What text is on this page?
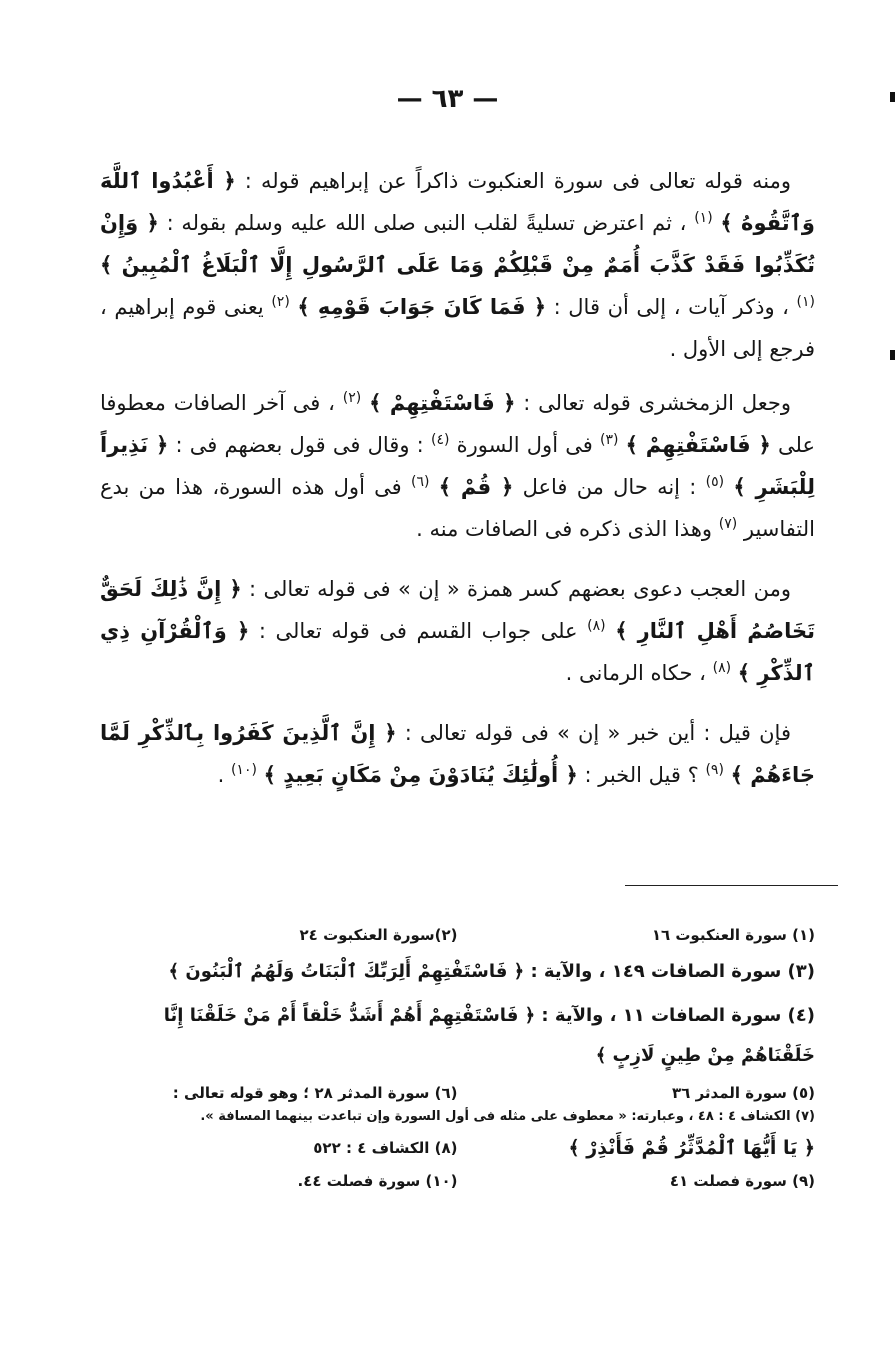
— ٦٣ —

ومنه قوله تعالى فى سورة العنكبوت ذاكراً عن إبراهيم قوله : ﴿ أَعْبُدُوا ٱللَّهَ وَٱتَّقُوهُ ﴾ $^{(١)}$ ، ثم اعترض تسليةً لقلب النبى صلى الله عليه وسلم بقوله : ﴿ وَإِنْ تُكَذِّبُوا فَقَدْ كَذَّبَ أُمَمٌ مِنْ قَبْلِكُمْ وَمَا عَلَى ٱلرَّسُولِ إِلَّا ٱلْبَلَاغُ ٱلْمُبِينُ ﴾ $^{(١)}$ ، وذكر آيات ، إلى أن قال : ﴿ فَمَا كَانَ جَوَابَ قَوْمِهِ ﴾ $^{(٢)}$ يعنى قوم إبراهيم ، فرجع إلى الأول .

وجعل الزمخشرى قوله تعالى : ﴿ فَاسْتَفْتِهِمْ ﴾ $^{(٢)}$ ، فى آخر الصافات معطوفا على ﴿ فَاسْتَفْتِهِمْ ﴾ $^{(٣)}$ فى أول السورة $^{(٤)}$ : وقال فى قول بعضهم فى : ﴿ نَذِيراً لِلْبَشَرِ ﴾ $^{(٥)}$ : إنه حال من فاعل ﴿ قُمْ ﴾ $^{(٦)}$ فى أول هذه السورة، هذا من بدع التفاسير $^{(٧)}$ وهذا الذى ذكره فى الصافات منه .

ومن العجب دعوى بعضهم كسر همزة « إن » فى قوله تعالى : ﴿ إِنَّ ذَٰلِكَ لَحَقٌّ تَخَاصُمُ أَهْلِ ٱلنَّارِ ﴾ $^{(٨)}$ على جواب القسم فى قوله تعالى : ﴿ وَٱلْقُرْآنِ ذِي ٱلذِّكْرِ ﴾ $^{(٨)}$ ، حكاه الرمانى .

فإن قيل : أين خبر « إن » فى قوله تعالى : ﴿ إِنَّ ٱلَّذِينَ كَفَرُوا بِٱلذِّكْرِ لَمَّا جَاءَهُمْ ﴾ $^{(٩)}$ ؟ قيل الخبر : ﴿ أُولَٰئِكَ يُنَادَوْنَ مِنْ مَكَانٍ بَعِيدٍ ﴾ $^{(١٠)}$ .

(١) سورة العنكبوت ١٦
(٢)سورة العنكبوت ٢٤
(٣) سورة الصافات ١٤٩ ، والآية : ﴿ فَاسْتَفْتِهِمْ أَلِرَبِّكَ ٱلْبَنَاتُ وَلَهُمُ ٱلْبَنُونَ ﴾
(٤) سورة الصافات ١١ ، والآية : ﴿ فَاسْتَفْتِهِمْ أَهُمْ أَشَدُّ خَلْقاً أَمْ مَنْ خَلَقْنَا إِنَّا خَلَقْنَاهُمْ مِنْ طِينٍ لَازِبٍ ﴾
(٥) سورة المدثر ٣٦
(٦) سورة المدثر ٢٨ ؛ وهو قوله تعالى :
(٧) الكشاف ٤ : ٤٨ ، وعبارته: « معطوف على مثله فى أول السورة وإن تباعدت بينهما المسافة ».
﴿ يَا أَيُّهَا ٱلْمُدَّثِّرُ قُمْ فَأَنْذِرْ ﴾
(٨) الكشاف ٤ : ٥٢٢
(٩) سورة فصلت ٤١
(١٠) سورة فصلت ٤٤.
